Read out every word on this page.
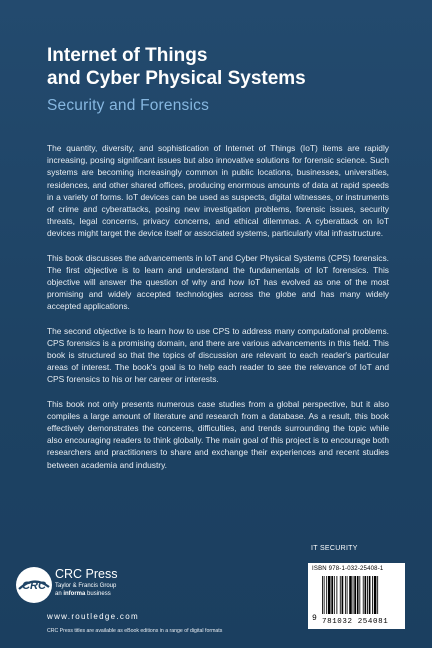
Internet of Things
and Cyber Physical Systems
Security and Forensics

The quantity, diversity, and sophistication of Internet of Things (IoT) items are rapidly increasing, posing significant issues but also innovative solutions for forensic science. Such systems are becoming increasingly common in public locations, businesses, universities, residences, and other shared offices, producing enormous amounts of data at rapid speeds in a variety of forms. IoT devices can be used as suspects, digital witnesses, or instruments of crime and cyberattacks, posing new investigation problems, forensic issues, security threats, legal concerns, privacy concerns, and ethical dilemmas. A cyberattack on IoT devices might target the device itself or associated systems, particularly vital infrastructure.

This book discusses the advancements in IoT and Cyber Physical Systems (CPS) forensics. The first objective is to learn and understand the fundamentals of IoT forensics. This objective will answer the question of why and how IoT has evolved as one of the most promising and widely accepted technologies across the globe and has many widely accepted applications.

The second objective is to learn how to use CPS to address many computational problems. CPS forensics is a promising domain, and there are various advancements in this field. This book is structured so that the topics of discussion are relevant to each reader's particular areas of interest. The book's goal is to help each reader to see the relevance of IoT and CPS forensics to his or her career or interests.

This book not only presents numerous case studies from a global perspective, but it also compiles a large amount of literature and research from a database. As a result, this book effectively demonstrates the concerns, difficulties, and trends surrounding the topic while also encouraging readers to think globally. The main goal of this project is to encourage both researchers and practitioners to share and exchange their experiences and recent studies between academia and industry.

IT SECURITY
ISBN 978-1-032-25408-1
9 781032 254081
CRC
CRC Press
Taylor & Francis Group
an informa business
www.routledge.com
CRC Press titles are available as eBook editions in a range of digital formats
